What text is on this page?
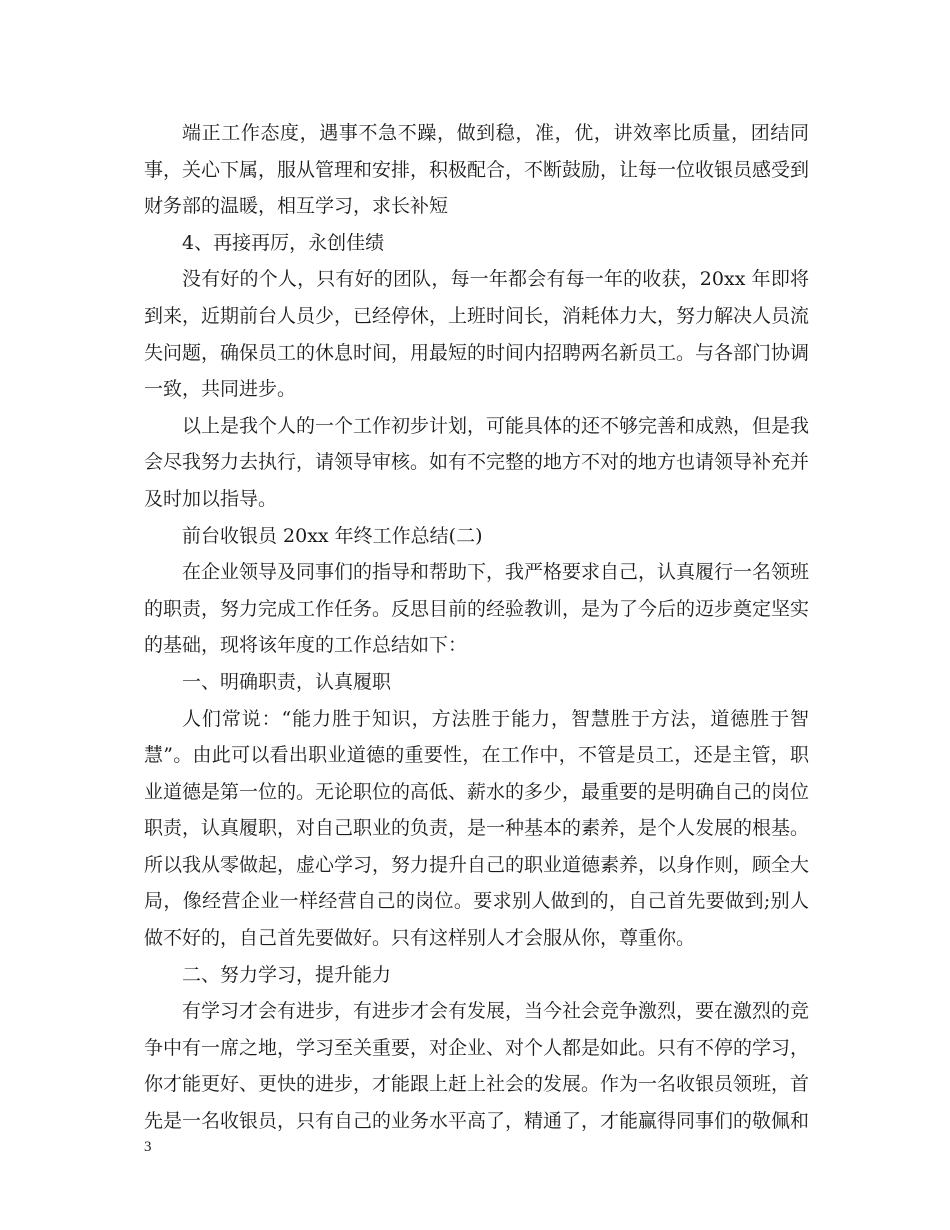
端正工作态度，遇事不急不躁，做到稳，准，优，讲效率比质量，团结同事，关心下属，服从管理和安排，积极配合，不断鼓励，让每一位收银员感受到财务部的温暖，相互学习，求长补短

4、再接再厉，永创佳绩

没有好的个人，只有好的团队，每一年都会有每一年的收获，20xx 年即将到来，近期前台人员少，已经停休，上班时间长，消耗体力大，努力解决人员流失问题，确保员工的休息时间，用最短的时间内招聘两名新员工。与各部门协调一致，共同进步。

以上是我个人的一个工作初步计划，可能具体的还不够完善和成熟，但是我会尽我努力去执行，请领导审核。如有不完整的地方不对的地方也请领导补充并及时加以指导。

前台收银员 20xx 年终工作总结(二)

在企业领导及同事们的指导和帮助下，我严格要求自己，认真履行一名领班的职责，努力完成工作任务。反思目前的经验教训，是为了今后的迈步奠定坚实的基础，现将该年度的工作总结如下：

一、明确职责，认真履职

人们常说：“能力胜于知识，方法胜于能力，智慧胜于方法，道德胜于智慧”。由此可以看出职业道德的重要性，在工作中，不管是员工，还是主管，职业道德是第一位的。无论职位的高低、薪水的多少，最重要的是明确自己的岗位职责，认真履职，对自己职业的负责，是一种基本的素养，是个人发展的根基。所以我从零做起，虚心学习，努力提升自己的职业道德素养，以身作则，顾全大局，像经营企业一样经营自己的岗位。要求别人做到的，自己首先要做到;别人做不好的，自己首先要做好。只有这样别人才会服从你，尊重你。

二、努力学习，提升能力

有学习才会有进步，有进步才会有发展，当今社会竞争激烈，要在激烈的竞争中有一席之地，学习至关重要，对企业、对个人都是如此。只有不停的学习，你才能更好、更快的进步，才能跟上赶上社会的发展。作为一名收银员领班，首先是一名收银员，只有自己的业务水平高了，精通了，才能赢得同事们的敬佩和

3
